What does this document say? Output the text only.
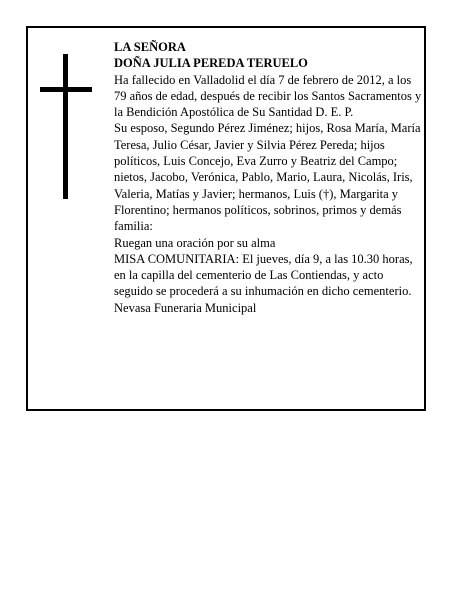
LA SEÑORA

DOÑA JULIA PEREDA TERUELO

Ha fallecido en Valladolid el día 7 de febrero de 2012, a los 79 años de edad, después de recibir los Santos Sacramentos y la Bendición Apostólica de Su Santidad D. E. P.

Su esposo, Segundo Pérez Jiménez; hijos, Rosa María, María Teresa, Julio César, Javier y Silvia Pérez Pereda; hijos políticos, Luis Concejo, Eva Zurro y Beatriz del Campo; nietos, Jacobo, Verónica, Pablo, Mario, Laura, Nicolás, Iris, Valeria, Matías y Javier; hermanos, Luis (†), Margarita y Florentino; hermanos políticos, sobrinos, primos y demás familia:

Ruegan una oración por su alma

MISA COMUNITARIA: El jueves, día 9, a las 10.30 horas, en la capilla del cementerio de Las Contiendas, y acto seguido se procederá a su inhumación en dicho cementerio.

Nevasa Funeraria Municipal
